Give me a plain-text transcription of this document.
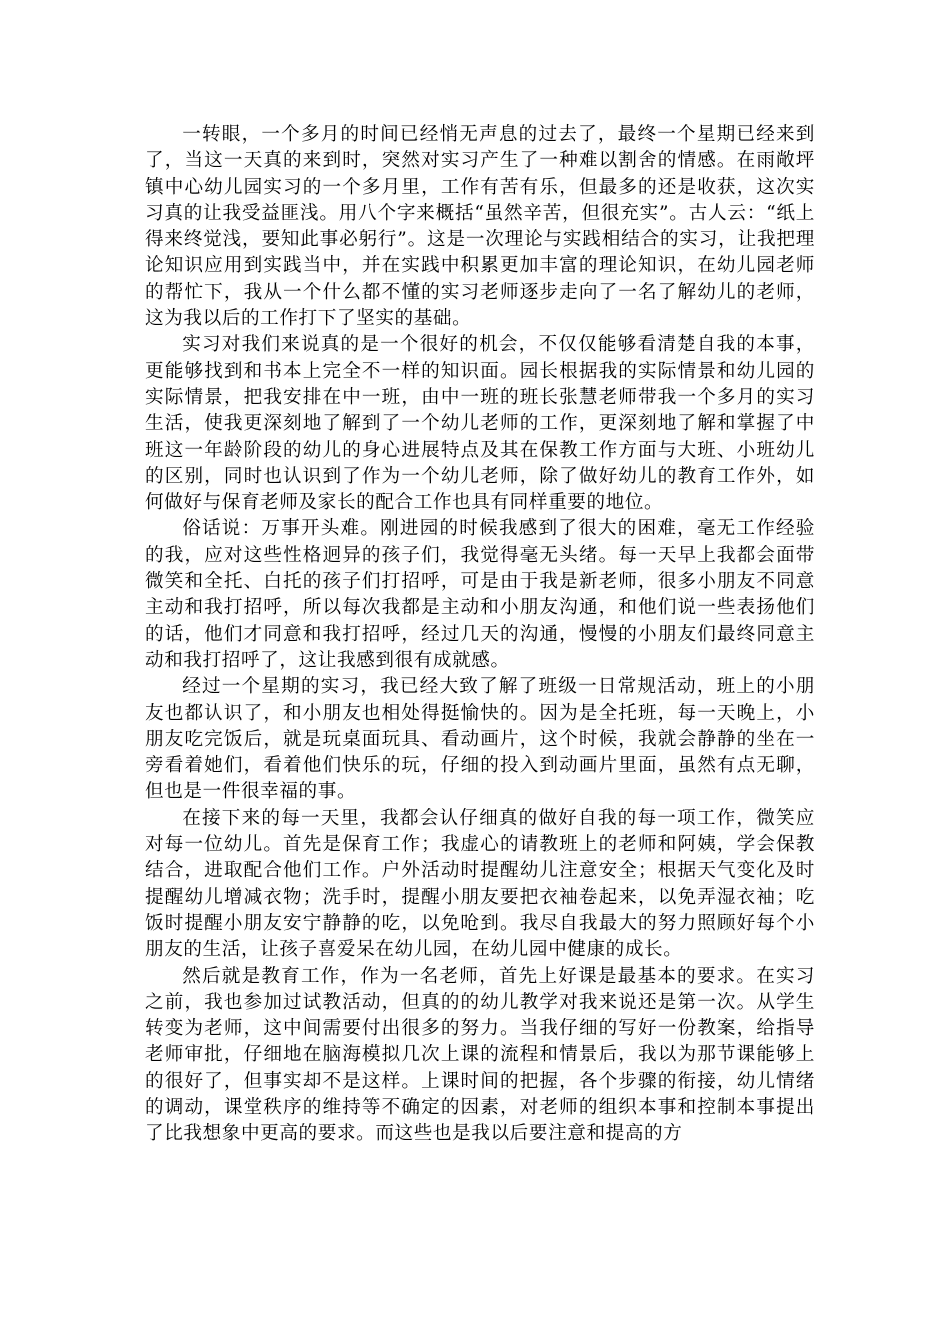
一转眼，一个多月的时间已经悄无声息的过去了，最终一个星期已经来到了，当这一天真的来到时，突然对实习产生了一种难以割舍的情感。在雨敞坪镇中心幼儿园实习的一个多月里，工作有苦有乐，但最多的还是收获，这次实习真的让我受益匪浅。用八个字来概括“虽然辛苦，但很充实”。古人云：“纸上得来终觉浅，要知此事必躬行”。这是一次理论与实践相结合的实习，让我把理论知识应用到实践当中，并在实践中积累更加丰富的理论知识，在幼儿园老师的帮忙下，我从一个什么都不懂的实习老师逐步走向了一名了解幼儿的老师，这为我以后的工作打下了坚实的基础。

实习对我们来说真的是一个很好的机会，不仅仅能够看清楚自我的本事，更能够找到和书本上完全不一样的知识面。园长根据我的实际情景和幼儿园的实际情景，把我安排在中一班，由中一班的班长张慧老师带我一个多月的实习生活，使我更深刻地了解到了一个幼儿老师的工作，更深刻地了解和掌握了中班这一年龄阶段的幼儿的身心进展特点及其在保教工作方面与大班、小班幼儿的区别，同时也认识到了作为一个幼儿老师，除了做好幼儿的教育工作外，如何做好与保育老师及家长的配合工作也具有同样重要的地位。

俗话说：万事开头难。刚进园的时候我感到了很大的困难，毫无工作经验的我，应对这些性格迥异的孩子们，我觉得毫无头绪。每一天早上我都会面带微笑和全托、白托的孩子们打招呼，可是由于我是新老师，很多小朋友不同意主动和我打招呼，所以每次我都是主动和小朋友沟通，和他们说一些表扬他们的话，他们才同意和我打招呼，经过几天的沟通，慢慢的小朋友们最终同意主动和我打招呼了，这让我感到很有成就感。

经过一个星期的实习，我已经大致了解了班级一日常规活动，班上的小朋友也都认识了，和小朋友也相处得挺愉快的。因为是全托班，每一天晚上，小朋友吃完饭后，就是玩桌面玩具、看动画片，这个时候，我就会静静的坐在一旁看着她们，看着他们快乐的玩，仔细的投入到动画片里面，虽然有点无聊，但也是一件很幸福的事。

在接下来的每一天里，我都会认仔细真的做好自我的每一项工作，微笑应对每一位幼儿。首先是保育工作；我虚心的请教班上的老师和阿姨，学会保教结合，进取配合他们工作。户外活动时提醒幼儿注意安全；根据天气变化及时提醒幼儿增减衣物；洗手时，提醒小朋友要把衣袖卷起来，以免弄湿衣袖；吃饭时提醒小朋友安宁静静的吃，以免呛到。我尽自我最大的努力照顾好每个小朋友的生活，让孩子喜爱呆在幼儿园，在幼儿园中健康的成长。

然后就是教育工作，作为一名老师，首先上好课是最基本的要求。在实习之前，我也参加过试教活动，但真的的幼儿教学对我来说还是第一次。从学生转变为老师，这中间需要付出很多的努力。当我仔细的写好一份教案，给指导老师审批，仔细地在脑海模拟几次上课的流程和情景后，我以为那节课能够上的很好了，但事实却不是这样。上课时间的把握，各个步骤的衔接，幼儿情绪的调动，课堂秩序的维持等不确定的因素，对老师的组织本事和控制本事提出了比我想象中更高的要求。而这些也是我以后要注意和提高的方
